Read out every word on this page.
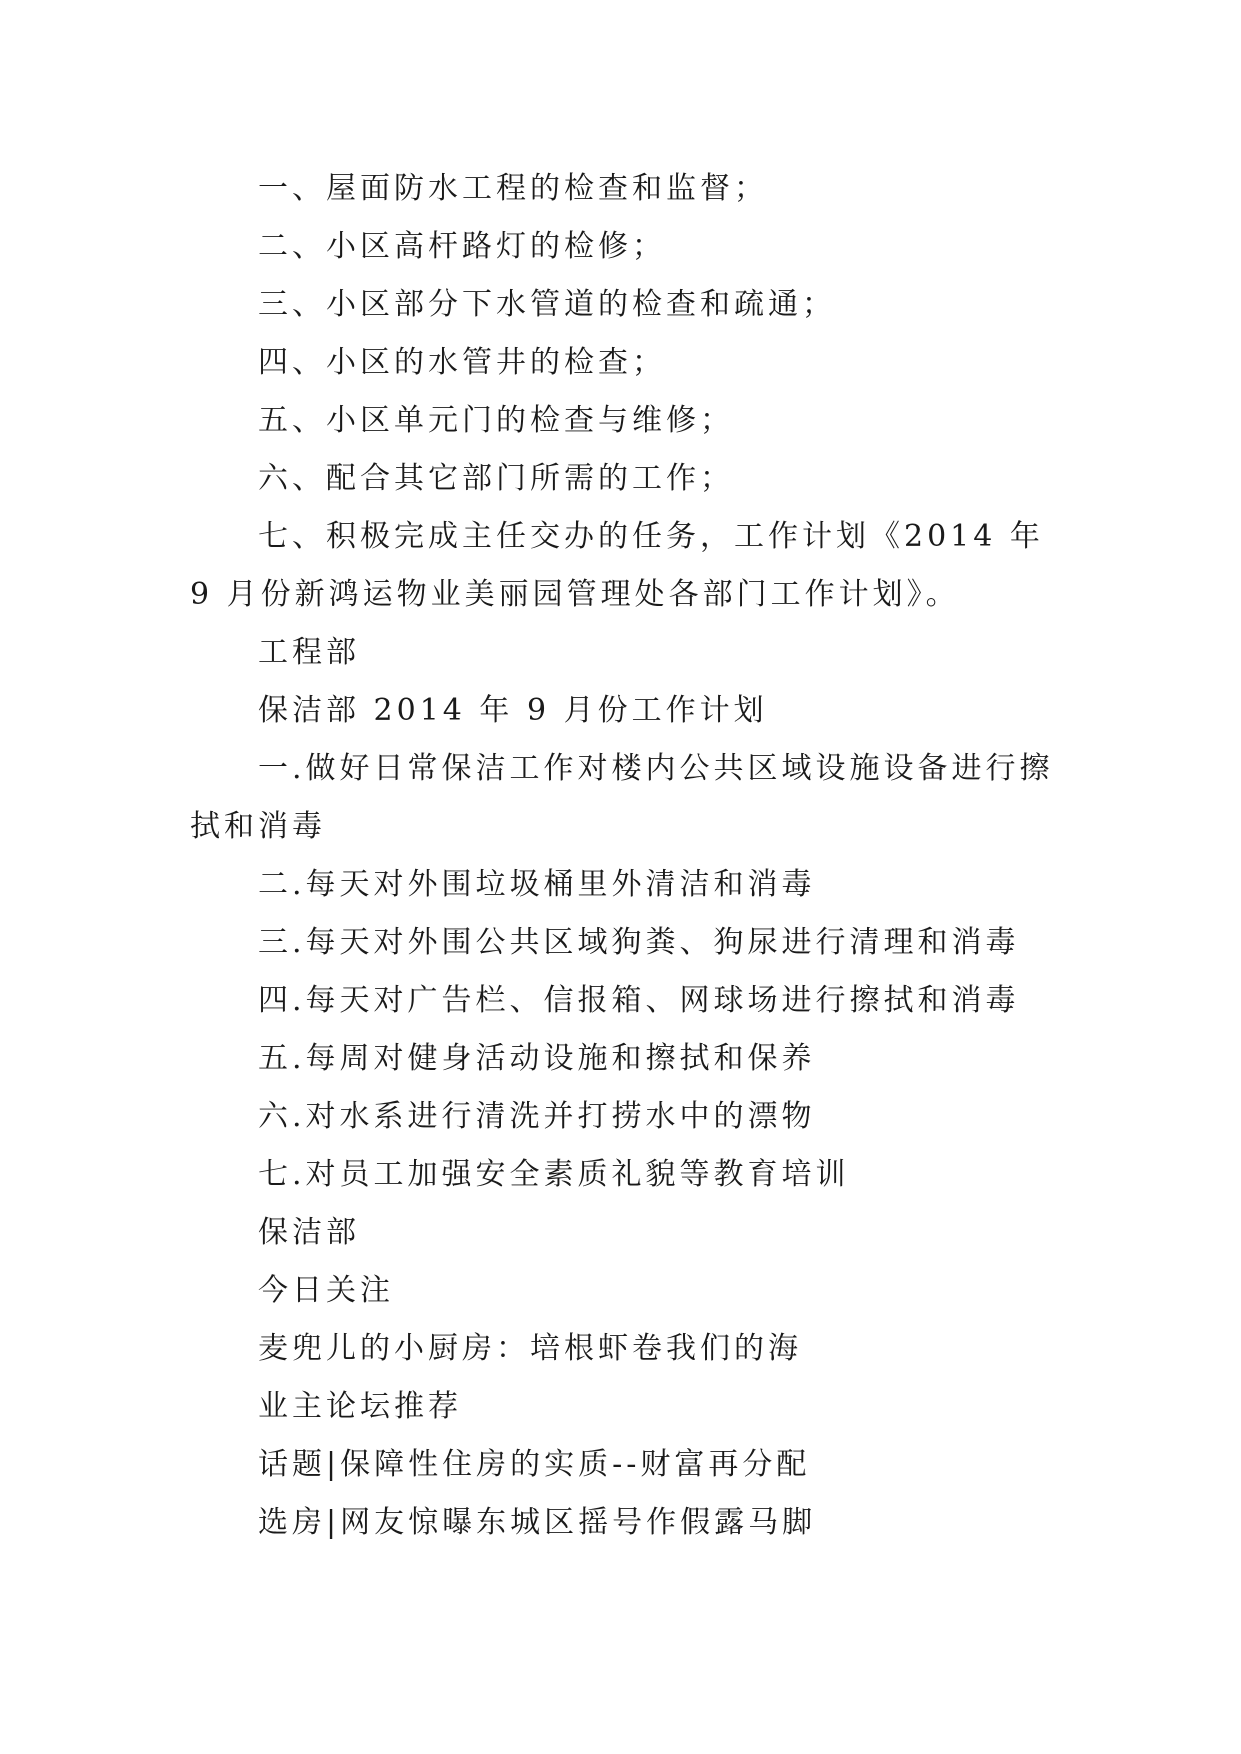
一、屋面防水工程的检查和监督；

二、小区高杆路灯的检修；

三、小区部分下水管道的检查和疏通；

四、小区的水管井的检查；

五、小区单元门的检查与维修；

六、配合其它部门所需的工作；

七、积极完成主任交办的任务，工作计划《2014 年 9 月份新鸿运物业美丽园管理处各部门工作计划》。

工程部

保洁部 2014 年 9 月份工作计划

一.做好日常保洁工作对楼内公共区域设施设备进行擦拭和消毒

二.每天对外围垃圾桶里外清洁和消毒

三.每天对外围公共区域狗粪、狗尿进行清理和消毒

四.每天对广告栏、信报箱、网球场进行擦拭和消毒

五.每周对健身活动设施和擦拭和保养

六.对水系进行清洗并打捞水中的漂物

七.对员工加强安全素质礼貌等教育培训

保洁部

今日关注

麦兜儿的小厨房：培根虾卷我们的海

业主论坛推荐

话题|保障性住房的实质--财富再分配

选房|网友惊曝东城区摇号作假露马脚
